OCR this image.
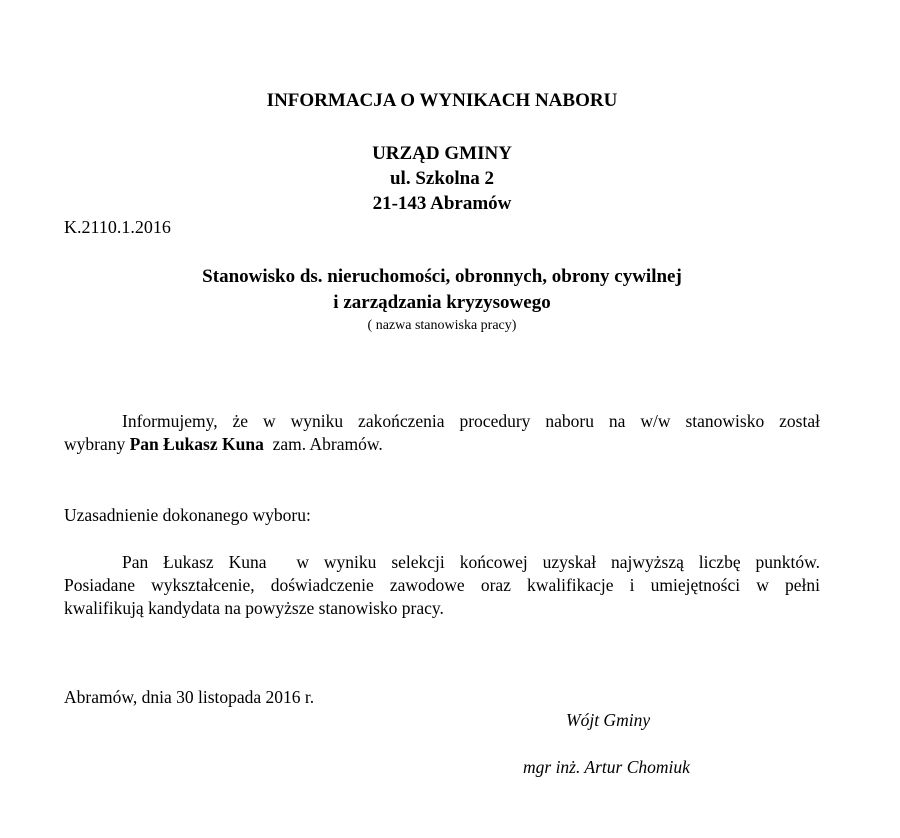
INFORMACJA O WYNIKACH NABORU
URZĄD GMINY
ul. Szkolna 2
21-143 Abramów
K.2110.1.2016
Stanowisko ds. nieruchomości, obronnych, obrony cywilnej
i zarządzania kryzysowego
( nazwa stanowiska pracy)
Informujemy, że w wyniku zakończenia procedury naboru na w/w stanowisko został
wybrany Pan Łukasz Kuna  zam. Abramów.
Uzasadnienie dokonanego wyboru:
Pan Łukasz Kuna  w wyniku selekcji końcowej uzyskał najwyższą liczbę punktów.
Posiadane wykształcenie, doświadczenie zawodowe oraz kwalifikacje i umiejętności w pełni
kwalifikują kandydata na powyższe stanowisko pracy.
Abramów, dnia 30 listopada 2016 r.
Wójt Gminy
mgr inż. Artur Chomiuk
